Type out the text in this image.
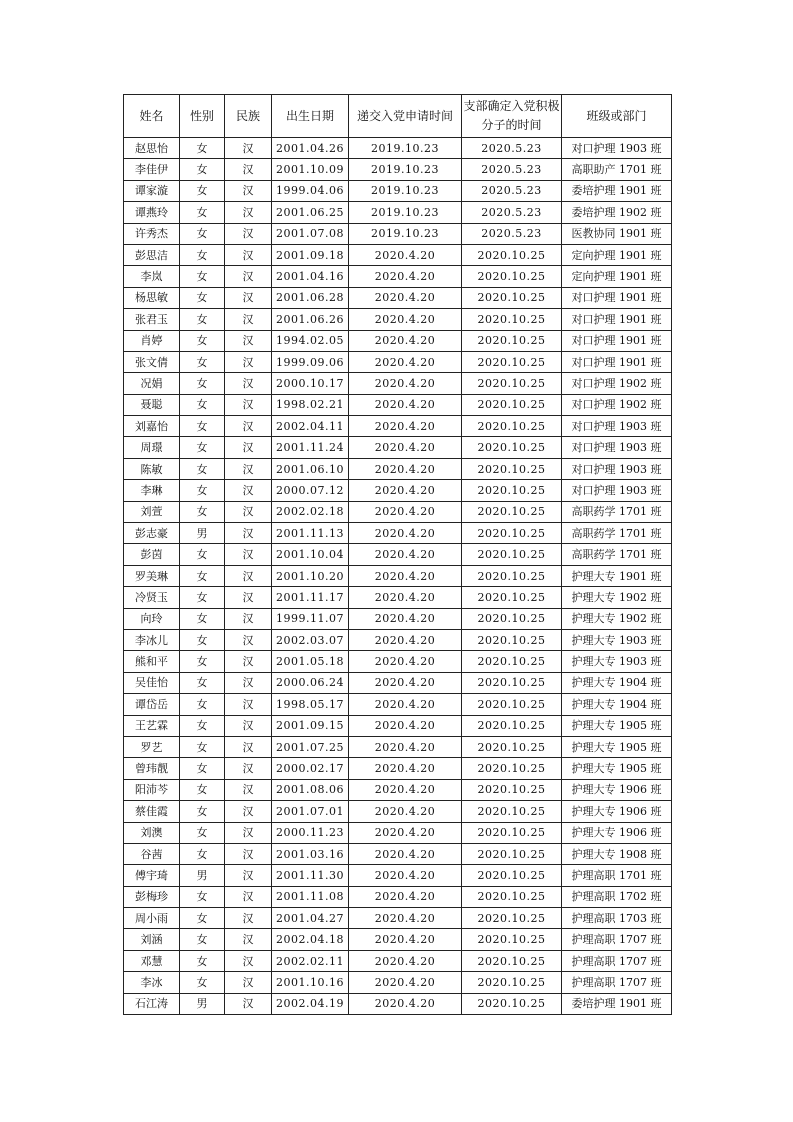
姓名	性别	民族	出生日期	递交入党申请时间	支部确定入党积极分子的时间	班级或部门
赵思怡	女	汉	2001.04.26	2019.10.23	2020.5.23	对口护理 1903 班
李佳伊	女	汉	2001.10.09	2019.10.23	2020.5.23	高职助产 1701 班
谭家漩	女	汉	1999.04.06	2019.10.23	2020.5.23	委培护理 1901 班
谭燕玲	女	汉	2001.06.25	2019.10.23	2020.5.23	委培护理 1902 班
许秀杰	女	汉	2001.07.08	2019.10.23	2020.5.23	医教协同 1901 班
彭思洁	女	汉	2001.09.18	2020.4.20	2020.10.25	定向护理 1901 班
李岚	女	汉	2001.04.16	2020.4.20	2020.10.25	定向护理 1901 班
杨思敏	女	汉	2001.06.28	2020.4.20	2020.10.25	对口护理 1901 班
张君玉	女	汉	2001.06.26	2020.4.20	2020.10.25	对口护理 1901 班
肖婷	女	汉	1994.02.05	2020.4.20	2020.10.25	对口护理 1901 班
张文倩	女	汉	1999.09.06	2020.4.20	2020.10.25	对口护理 1901 班
况娟	女	汉	2000.10.17	2020.4.20	2020.10.25	对口护理 1902 班
聂聪	女	汉	1998.02.21	2020.4.20	2020.10.25	对口护理 1902 班
刘嘉怡	女	汉	2002.04.11	2020.4.20	2020.10.25	对口护理 1903 班
周璟	女	汉	2001.11.24	2020.4.20	2020.10.25	对口护理 1903 班
陈敏	女	汉	2001.06.10	2020.4.20	2020.10.25	对口护理 1903 班
李琳	女	汉	2000.07.12	2020.4.20	2020.10.25	对口护理 1903 班
刘萱	女	汉	2002.02.18	2020.4.20	2020.10.25	高职药学 1701 班
彭志豪	男	汉	2001.11.13	2020.4.20	2020.10.25	高职药学 1701 班
彭茵	女	汉	2001.10.04	2020.4.20	2020.10.25	高职药学 1701 班
罗美琳	女	汉	2001.10.20	2020.4.20	2020.10.25	护理大专 1901 班
冷贤玉	女	汉	2001.11.17	2020.4.20	2020.10.25	护理大专 1902 班
向玲	女	汉	1999.11.07	2020.4.20	2020.10.25	护理大专 1902 班
李冰儿	女	汉	2002.03.07	2020.4.20	2020.10.25	护理大专 1903 班
熊和平	女	汉	2001.05.18	2020.4.20	2020.10.25	护理大专 1903 班
吴佳怡	女	汉	2000.06.24	2020.4.20	2020.10.25	护理大专 1904 班
谭岱岳	女	汉	1998.05.17	2020.4.20	2020.10.25	护理大专 1904 班
王艺霖	女	汉	2001.09.15	2020.4.20	2020.10.25	护理大专 1905 班
罗艺	女	汉	2001.07.25	2020.4.20	2020.10.25	护理大专 1905 班
曾玮靓	女	汉	2000.02.17	2020.4.20	2020.10.25	护理大专 1905 班
阳沛芩	女	汉	2001.08.06	2020.4.20	2020.10.25	护理大专 1906 班
蔡佳霞	女	汉	2001.07.01	2020.4.20	2020.10.25	护理大专 1906 班
刘澳	女	汉	2000.11.23	2020.4.20	2020.10.25	护理大专 1906 班
谷茜	女	汉	2001.03.16	2020.4.20	2020.10.25	护理大专 1908 班
傅宇琦	男	汉	2001.11.30	2020.4.20	2020.10.25	护理高职 1701 班
彭梅珍	女	汉	2001.11.08	2020.4.20	2020.10.25	护理高职 1702 班
周小雨	女	汉	2001.04.27	2020.4.20	2020.10.25	护理高职 1703 班
刘涵	女	汉	2002.04.18	2020.4.20	2020.10.25	护理高职 1707 班
邓慧	女	汉	2002.02.11	2020.4.20	2020.10.25	护理高职 1707 班
李冰	女	汉	2001.10.16	2020.4.20	2020.10.25	护理高职 1707 班
石江涛	男	汉	2002.04.19	2020.4.20	2020.10.25	委培护理 1901 班
